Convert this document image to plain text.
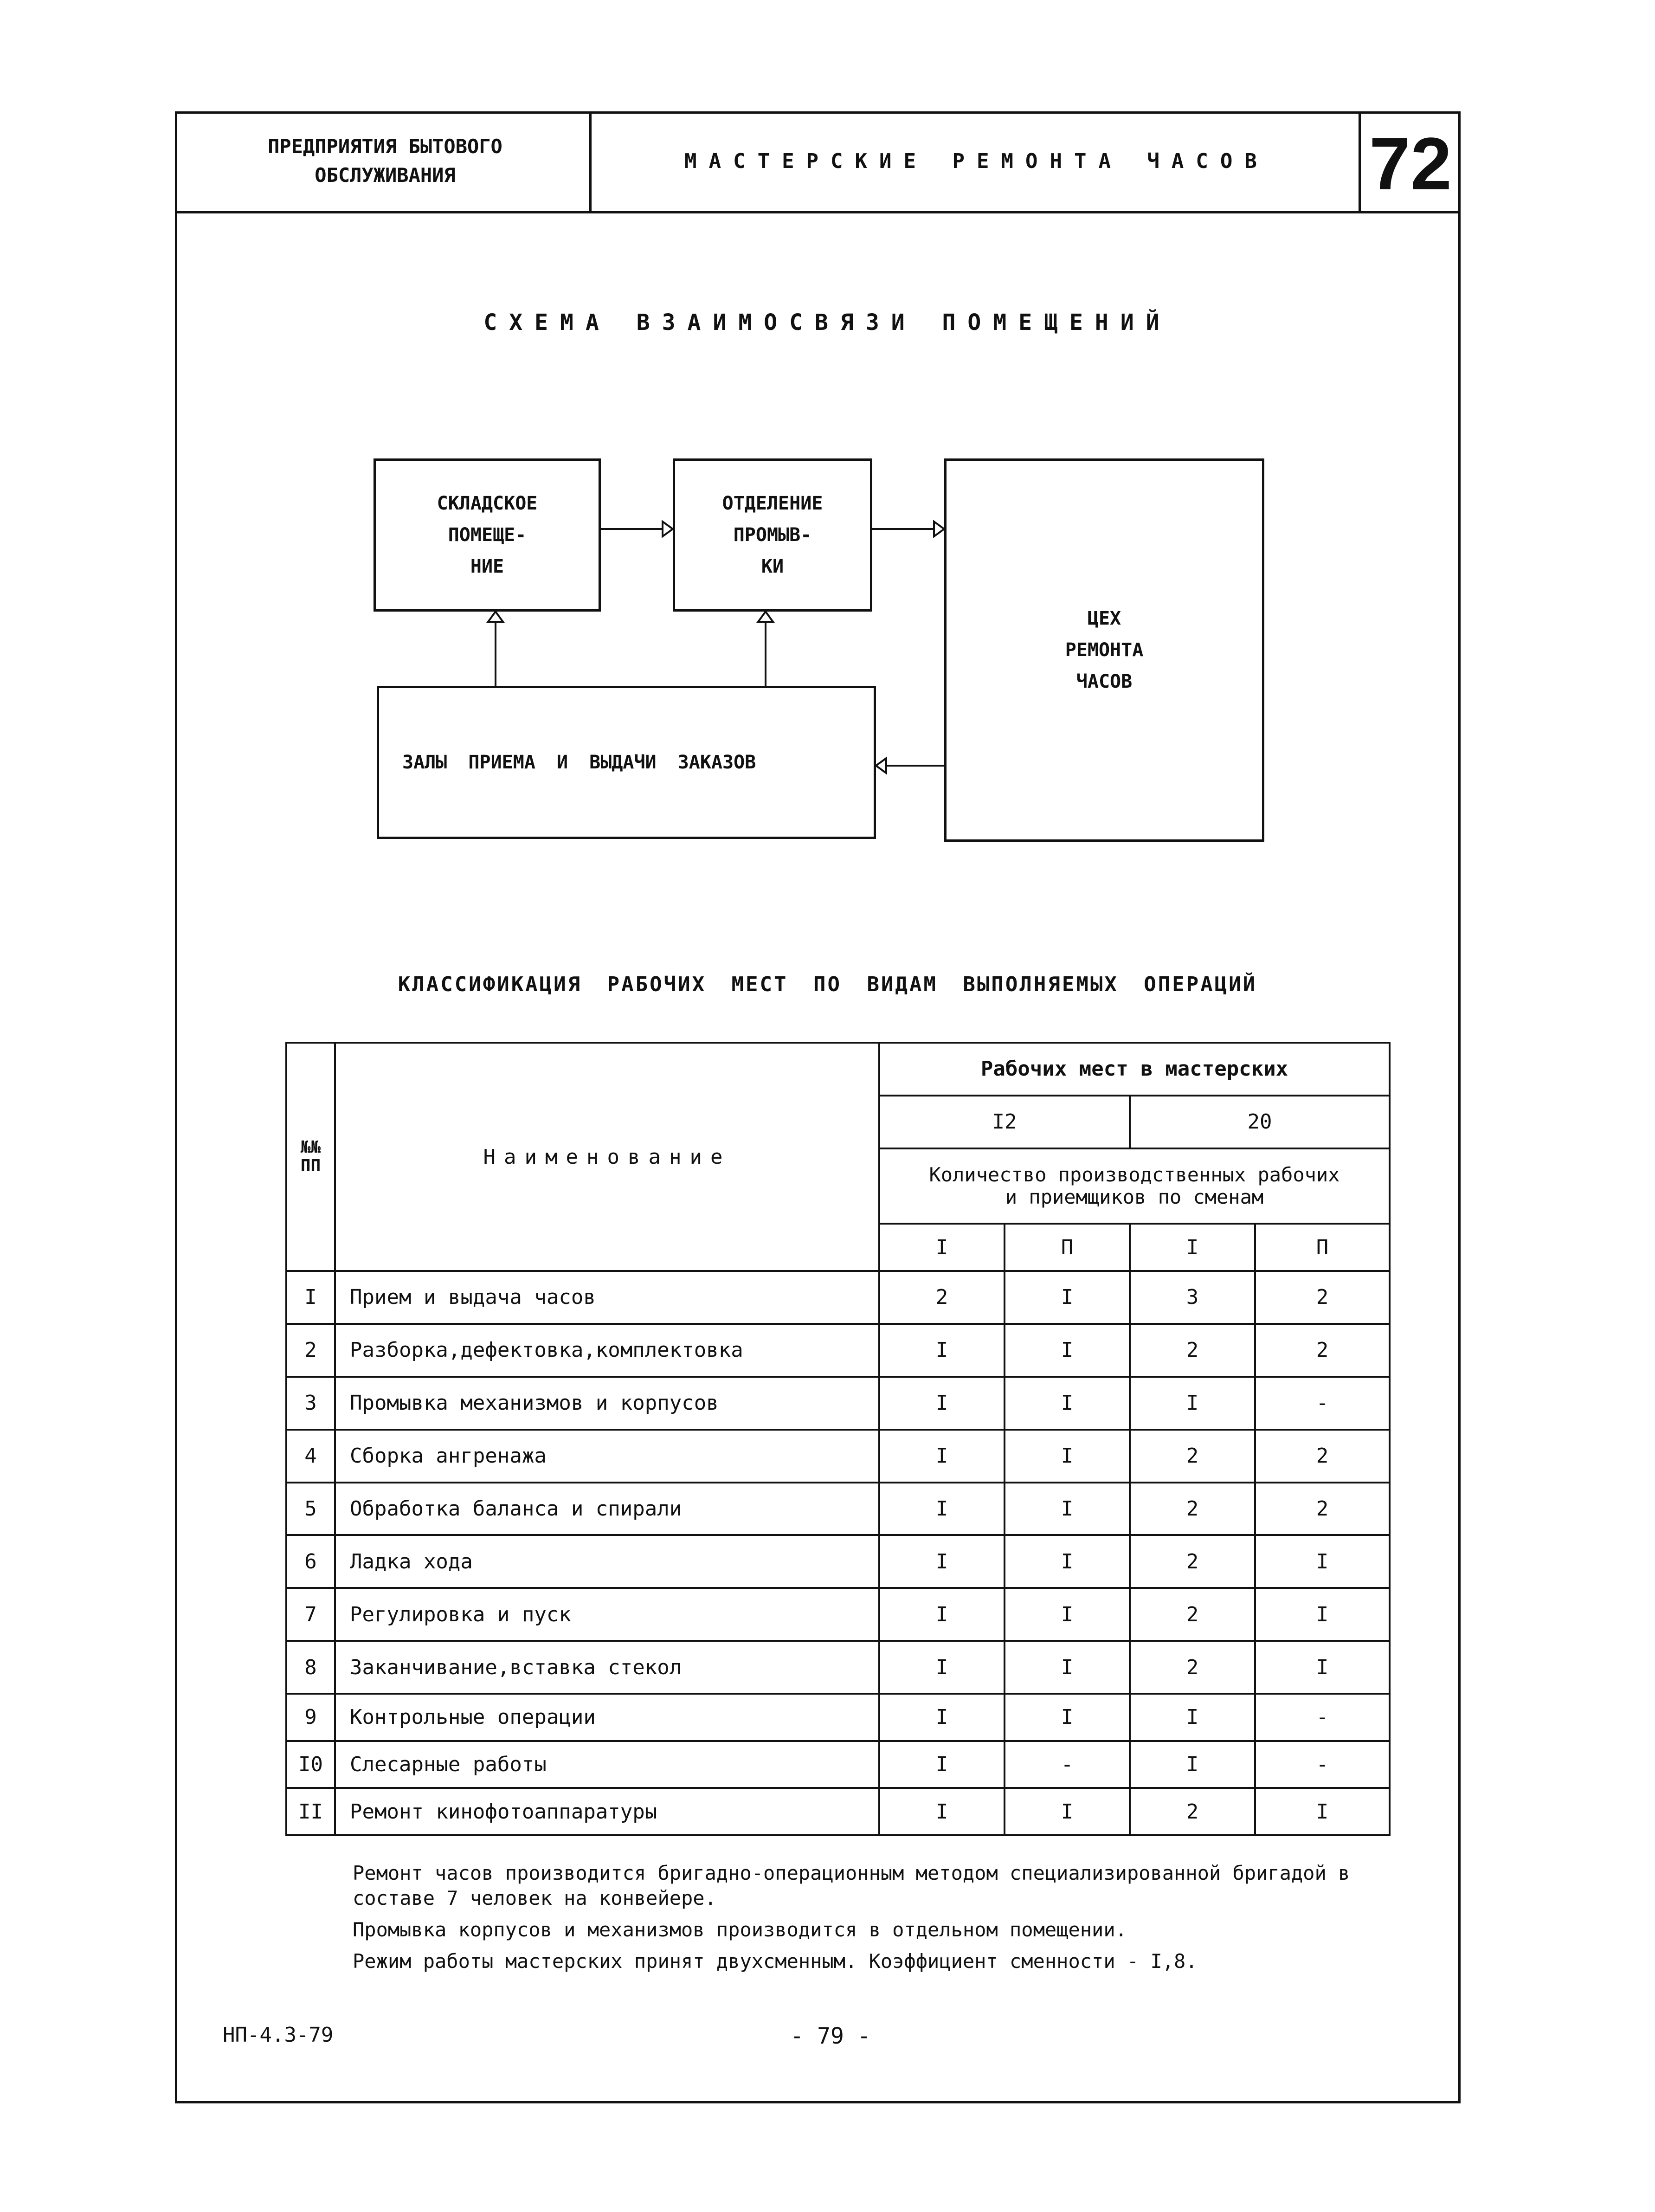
ПРЕДПРИЯТИЯ БЫТОВОГО
ОБСЛУЖИВАНИЯ
МАСТЕРСКИЕ РЕМОНТА ЧАСОВ	72
СХЕМА ВЗАИМОСВЯЗИ ПОМЕЩЕНИЙ
СКЛАДСКОЕ
ПОМЕЩЕ-
НИЕ
ОТДЕЛЕНИЕ
ПРОМЫВ-
КИ
ЦЕХ
РЕМОНТА
ЧАСОВ
ЗАЛЫ ПРИЕМА И ВЫДАЧИ ЗАКАЗОВ
КЛАССИФИКАЦИЯ РАБОЧИХ МЕСТ ПО ВИДАМ ВЫПОЛНЯЕМЫХ ОПЕРАЦИЙ
№№
ПП	Наименование	Рабочих мест в мастерских			
		I2		20	
		Количество производственных рабочих
и приемщиков по сменам			
		I	П	I	П
I	Прием и выдача часов	2	I	3	2
2	Разборка,дефектовка,комплектовка	I	I	2	2
3	Промывка механизмов и корпусов	I	I	I	-
4	Сборка ангренажа	I	I	2	2
5	Обработка баланса и спирали	I	I	2	2
6	Ладка хода	I	I	2	I
7	Регулировка и пуск	I	I	2	I
8	Заканчивание,вставка стекол	I	I	2	I
9	Контрольные операции	I	I	I	-
I0	Слесарные работы	I	-	I	-
II	Ремонт кинофотоаппаратуры	I	I	2	I

Ремонт часов производится бригадно-операционным методом специализированной бригадой в составе 7 человек на конвейере.

Промывка корпусов и механизмов производится в отдельном помещении.

Режим работы мастерских принят двухсменным. Коэффициент сменности - I,8.

НП-4.3-79	- 79 -
